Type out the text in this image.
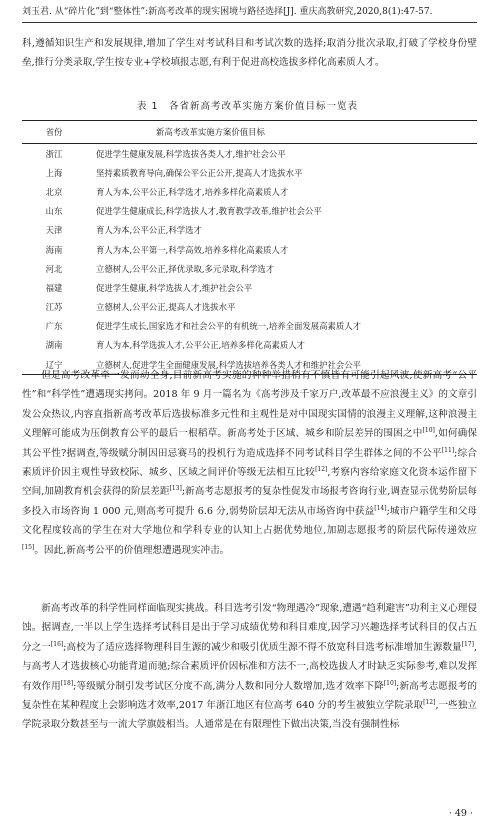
刘玉君. 从“碎片化”到“整体性”:新高考改革的现实困境与路径选择[J]. 重庆高教研究,2020,8(1):47-57.

科,遵循知识生产和发展规律,增加了学生对考试科目和考试次数的选择;取消分批次录取,打破了学校身份壁垒,推行分类录取,学生按专业+学校填报志愿,有利于促进高校选拔多样化高素质人才。

表 1　各省新高考改革实施方案价值目标一览表
省份	新高考改革实施方案价值目标
浙江	促进学生健康发展,科学选拔各类人才,维护社会公平
上海	坚持素质教育导向,确保公平公正公开,提高人才选拔水平
北京	育人为本,公平公正,科学选才,培养多样化高素质人才
山东	促进学生健康成长,科学选拔人才,教育教学改革,维护社会公平
天津	育人为本,公平公正,科学选才
海南	育人为本,公平第一,科学高效,培养多样化高素质人才
河北	立德树人,公平公正,择优录取,多元录取,科学选才
福建	促进学生健康,科学选拔人才,维护社会公平
江苏	立德树人,公平公正,提高人才选拔水平
广东	促进学生成长,国家选才和社会公平的有机统一,培养全面发展高素质人才
湖南	育人为本,科学选拔人才,公平公正,培养多样化高素质人才
辽宁	立德树人,促进学生全面健康发展,科学选拔培养各类人才和维护社会公平

但是高考改革牵一发而动全身,目前新高考实施的种种举措稍有不慎皆有可能引起风波,使新高考“公平性”和“科学性”遭遇现实拷问。2018 年 9 月一篇名为《高考涉及千家万户,改革最不应浪漫主义》的文章引发公众热议,内容直指新高考改革后选拔标准多元性和主观性是对中国现实国情的浪漫主义理解,这种浪漫主义理解可能成为压倒教育公平的最后一根稻草。新高考处于区域、城乡和阶层差异的围困之中[10],如何确保其公平性?据调查,等级赋分制因田忌赛马的投机行为造成选择不同考试科目学生群体之间的不公平[11];综合素质评价因主观性导致校际、城乡、区域之间评价等级无法相互比较[12],考察内容给家庭文化资本运作留下空间,加剧教育机会获得的阶层差距[13];新高考志愿报考的复杂性促发市场报考咨询行业,调查显示优势阶层每多投入市场咨询 1 000 元,则高考可提升 6.6 分,弱势阶层却无法从市场咨询中获益[14];城市户籍学生和父母文化程度较高的学生在对大学地位和学科专业的认知上占据优势地位,加剧志愿报考的阶层代际传递效应[15]。因此,新高考公平的价值理想遭遇现实冲击。

新高考改革的科学性同样面临现实挑战。科目选考引发“物理遇冷”现象,遭遇“趋利避害”功利主义心理侵蚀。据调查,一半以上学生选择考试科目是出于学习成绩优势和科目难度,因学习兴趣选择考试科目的仅占五分之一[16];高校为了适应选择物理科目生源的减少和吸引优质生源不得不放宽科目选考标准增加生源数量[17],与高考人才选拔核心功能背道而驰;综合素质评价因标准和方法不一,高校选拔人才时缺乏实际参考,难以发挥有效作用[18];等级赋分制引发考试区分度不高,满分人数和同分人数增加,选才效率下降[10];新高考志愿报考的复杂性在某种程度上会影响选才效率,2017 年浙江地区有位高考 640 分的考生被独立学院录取[12],一些独立学院录取分数甚至与一流大学旗鼓相当。人通常是在有限理性下做出决策,当没有强制性标

· 49 ·
